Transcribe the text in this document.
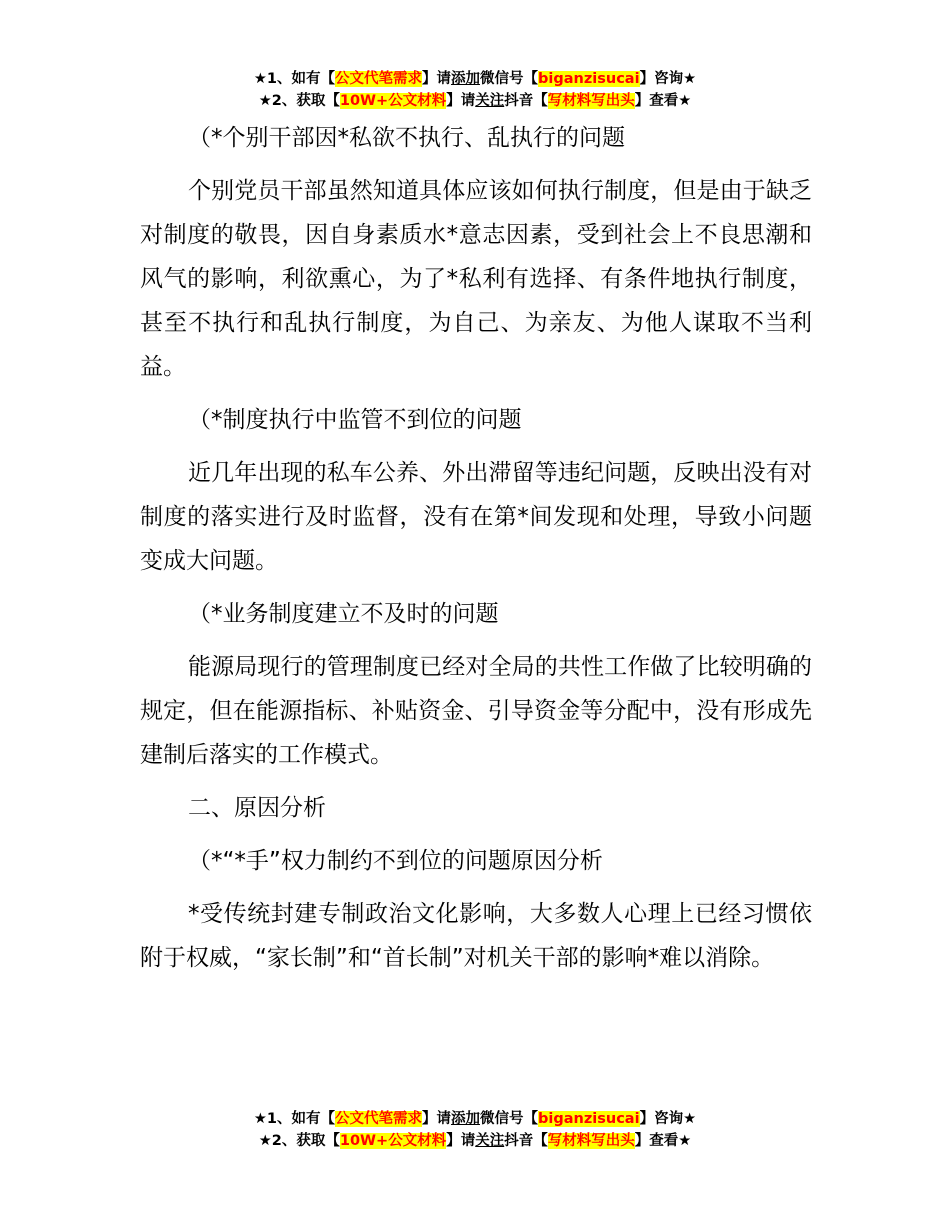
★1、如有【公文代笔需求】请添加微信号【biganzisucai】咨询★
★2、获取【10W+公文材料】请关注抖音【写材料写出头】查看★

（*个别干部因*私欲不执行、乱执行的问题

个别党员干部虽然知道具体应该如何执行制度，但是由于缺乏对制度的敬畏，因自身素质水*意志因素，受到社会上不良思潮和风气的影响，利欲熏心，为了*私利有选择、有条件地执行制度，甚至不执行和乱执行制度，为自己、为亲友、为他人谋取不当利益。

（*制度执行中监管不到位的问题

近几年出现的私车公养、外出滞留等违纪问题，反映出没有对制度的落实进行及时监督，没有在第*间发现和处理，导致小问题变成大问题。

（*业务制度建立不及时的问题

能源局现行的管理制度已经对全局的共性工作做了比较明确的规定，但在能源指标、补贴资金、引导资金等分配中，没有形成先建制后落实的工作模式。

二、原因分析

（*“*手”权力制约不到位的问题原因分析

*受传统封建专制政治文化影响，大多数人心理上已经习惯依附于权威，“家长制”和“首长制”对机关干部的影响*难以消除。

★1、如有【公文代笔需求】请添加微信号【biganzisucai】咨询★
★2、获取【10W+公文材料】请关注抖音【写材料写出头】查看★
